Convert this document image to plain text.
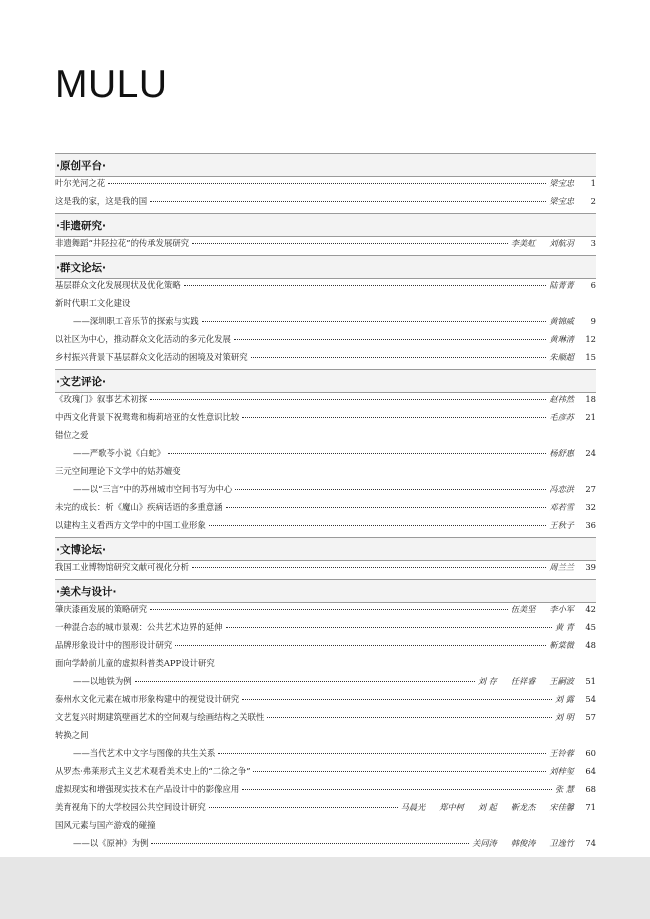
MULU
·原创平台·
叶尔羌河之花	梁宝忠	1
这是我的家，这是我的国	梁宝忠	2
·非遗研究·
非遗舞蹈“井陉拉花”的传承发展研究	李美虹 刘航羽	3
·群文论坛·
基层群众文化发展现状及优化策略	陆菁菁	6
新时代职工文化建设
——深圳职工音乐节的探索与实践	黄锦威	9
以社区为中心，推动群众文化活动的多元化发展	黄琳清	12
乡村振兴背景下基层群众文化活动的困境及对策研究	朱顺超	15
·文艺评论·
《玫瑰门》叙事艺术初探	赵祎然	18
中西文化背景下祝鸳鸯和梅莉培亚的女性意识比较	毛彦苏	21
错位之爱
——严歌苓小说《白蛇》	杨舒惠	24
三元空间理论下文学中的姑苏嬗变
——以“三言”中的苏州城市空间书写为中心	冯恋洪	27
未完的成长：析《魔山》疾病话语的多重意涵	邓若雪	32
以建构主义看西方文学中的中国工业形象	王秋子	36
·文博论坛·
我国工业博物馆研究文献可视化分析	周兰兰	39
·美术与设计·
肇庆漆画发展的策略研究	伍美坚 李小军	42
一种混合态的城市景观：公共艺术边界的延伸	黄 青	45
品牌形象设计中的图形设计研究	靳棠微	48
面向学龄前儿童的虚拟科普类APP设计研究
——以地铁为例	刘 存 任祥睿 王嗣波	51
泰州水文化元素在城市形象构建中的视觉设计研究	刘 露	54
文艺复兴时期建筑壁画艺术的空间观与绘画结构之关联性	刘 明	57
转换之间
——当代艺术中文字与图像的共生关系	王铃蓉	60
从罗杰·弗莱形式主义艺术观看美术史上的“二徐之争”	刘梓玺	64
虚拟现实和增强现实技术在产品设计中的影像应用	张 慧	68
美育视角下的大学校园公共空间设计研究	马晨光 郑中柯 刘 起 靳龙杰 宋佳馨	71
国风元素与国产游戏的碰撞
——以《原神》为例	关同涛 韩俊涛 卫逸竹	74
